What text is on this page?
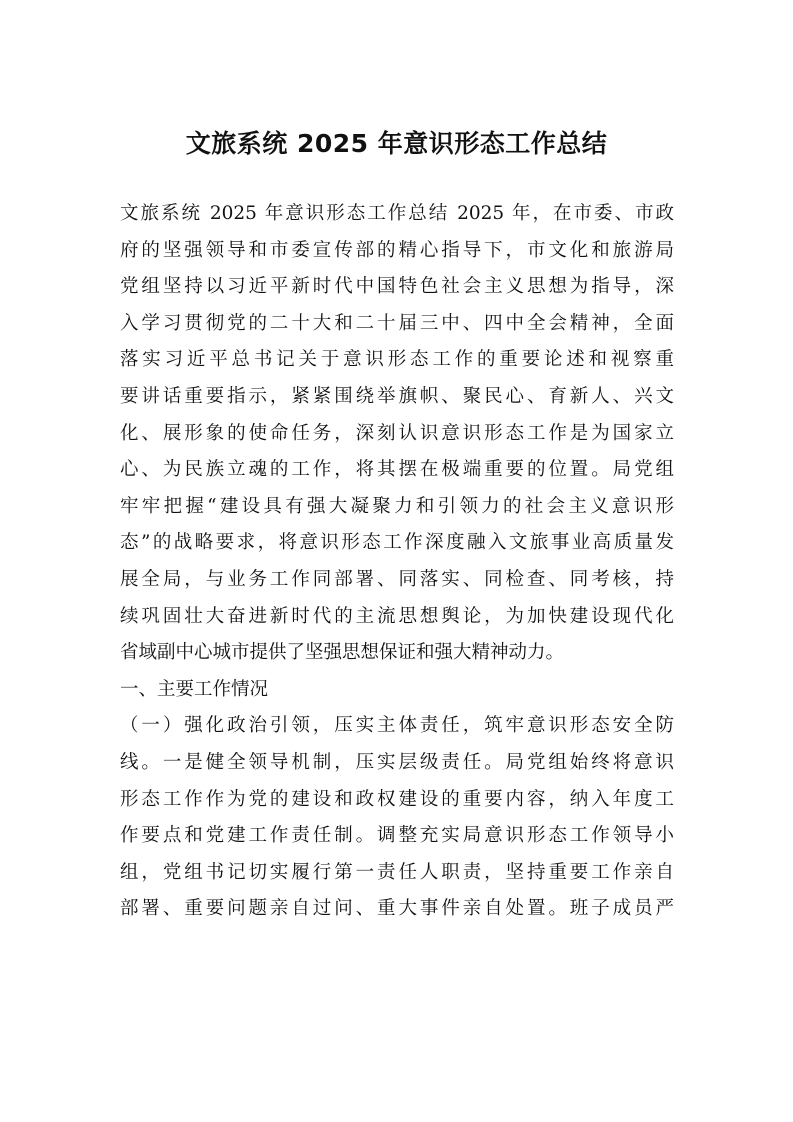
文旅系统 2025 年意识形态工作总结
文旅系统 2025 年意识形态工作总结 2025 年，在市委、市政
府的坚强领导和市委宣传部的精心指导下，市文化和旅游局
党组坚持以习近平新时代中国特色社会主义思想为指导，深
入学习贯彻党的二十大和二十届三中、四中全会精神，全面
落实习近平总书记关于意识形态工作的重要论述和视察重
要讲话重要指示，紧紧围绕举旗帜、聚民心、育新人、兴文
化、展形象的使命任务，深刻认识意识形态工作是为国家立
心、为民族立魂的工作，将其摆在极端重要的位置。局党组
牢牢把握“建设具有强大凝聚力和引领力的社会主义意识形
态”的战略要求，将意识形态工作深度融入文旅事业高质量发
展全局，与业务工作同部署、同落实、同检查、同考核，持
续巩固壮大奋进新时代的主流思想舆论，为加快建设现代化
省域副中心城市提供了坚强思想保证和强大精神动力。
一、主要工作情况
（一）强化政治引领，压实主体责任，筑牢意识形态安全防
线。一是健全领导机制，压实层级责任。局党组始终将意识
形态工作作为党的建设和政权建设的重要内容，纳入年度工
作要点和党建工作责任制。调整充实局意识形态工作领导小
组，党组书记切实履行第一责任人职责，坚持重要工作亲自
部署、重要问题亲自过问、重大事件亲自处置。班子成员严
